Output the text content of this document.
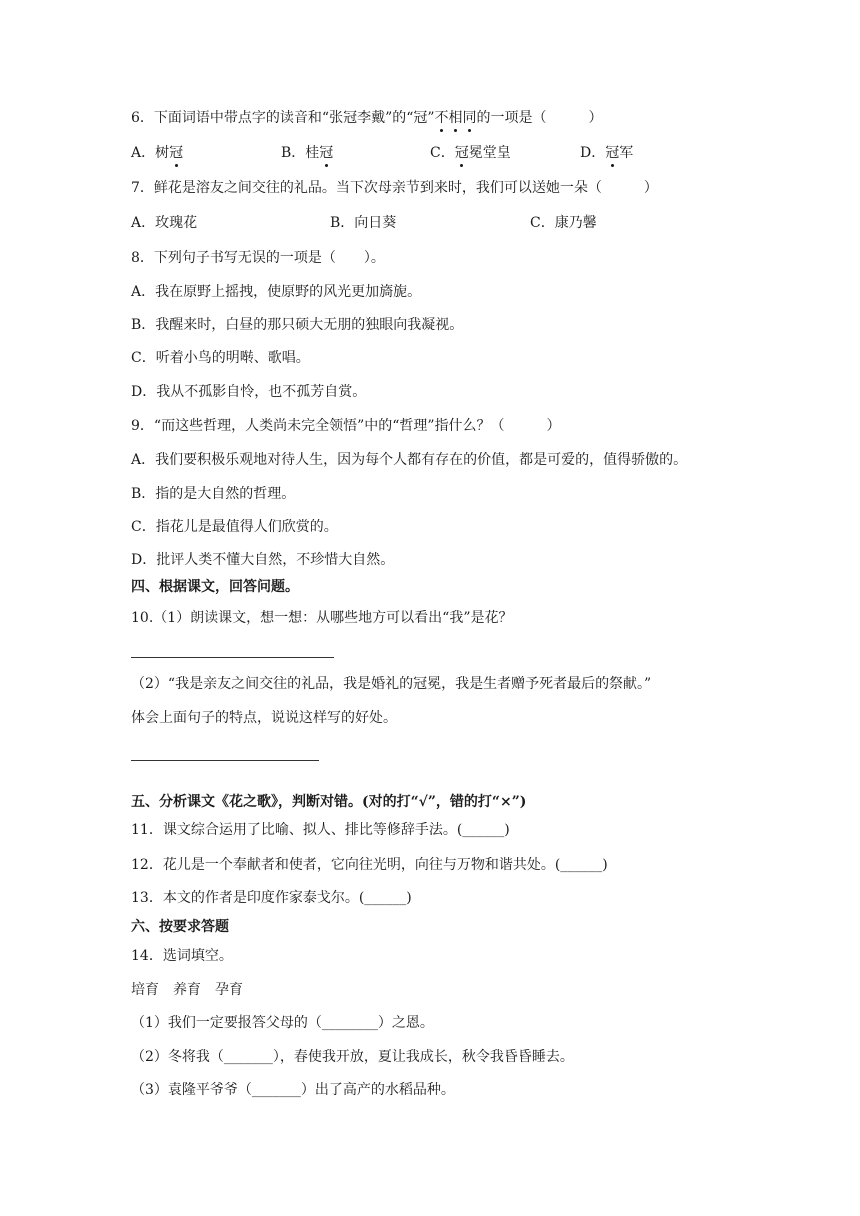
6．下面词语中带点字的读音和“张冠李戴”的“冠”不相同的一项是（　　　）
A．树冠	B．桂冠	C．冠冕堂皇	D．冠军
7．鲜花是溶友之间交往的礼品。当下次母亲节到来时，我们可以送她一朵（　　　）
A．玫瑰花	B．向日葵	C．康乃馨
8．下列句子书写无误的一项是（　　）。
A．我在原野上摇拽，使原野的风光更加旖旎。
B．我醒来时，白昼的那只硕大无朋的独眼向我凝视。
C．听着小鸟的明啭、歌唱。
D．我从不孤影自怜，也不孤芳自赏。
9．“而这些哲理，人类尚未完全领悟”中的“哲理”指什么？（　　　）
A．我们要积极乐观地对待人生，因为每个人都有存在的价值，都是可爱的，值得骄傲的。
B．指的是大自然的哲理。
C．指花儿是最值得人们欣赏的。
D．批评人类不懂大自然，不珍惜大自然。
四、根据课文，回答问题。
10.（1）朗读课文，想一想：从哪些地方可以看出“我”是花？
（2）“我是亲友之间交往的礼品，我是婚礼的冠冕，我是生者赠予死者最后的祭献。”
体会上面句子的特点，说说这样写的好处。
五、分析课文《花之歌》，判断对错。(对的打“√”，错的打“×”)
11．课文综合运用了比喻、拟人、排比等修辞手法。(______)
12．花儿是一个奉献者和使者，它向往光明，向往与万物和谐共处。(______)
13．本文的作者是印度作家泰戈尔。(______)
六、按要求答题
14．选词填空。
培育　养育　孕育
（1）我们一定要报答父母的（________）之恩。
（2）冬将我（_______），春使我开放，夏让我成长，秋令我昏昏睡去。
（3）袁隆平爷爷（_______）出了高产的水稻品种。
